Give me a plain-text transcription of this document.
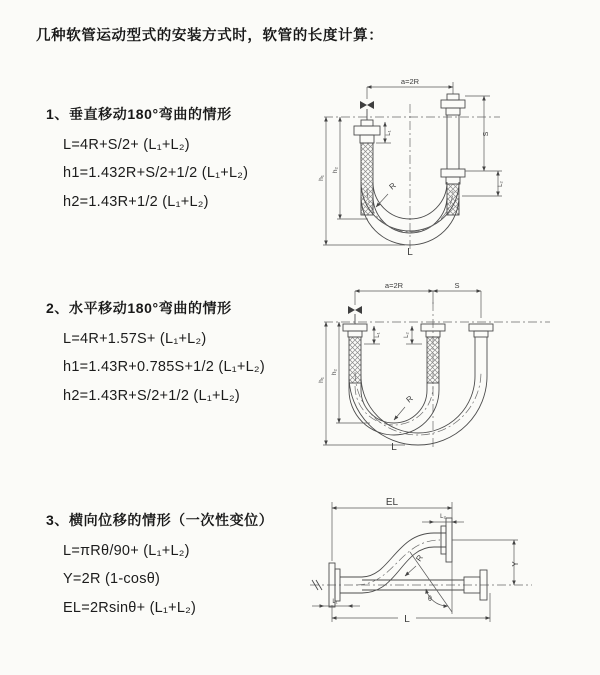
几种软管运动型式的安装方式时，软管的长度计算：
1、垂直移动180°弯曲的情形
L=4R+S/2+ (L₁+L₂)
h1=1.432R+S/2+1/2 (L₁+L₂)
h2=1.43R+1/2 (L₁+L₂)
2、水平移动180°弯曲的情形
L=4R+1.57S+ (L₁+L₂)
h1=1.43R+0.785S+1/2 (L₁+L₂)
h2=1.43R+S/2+1/2 (L₁+L₂)
3、横向位移的情形（一次性变位）
L=πRθ/90+ (L₁+L₂)
Y=2R (1-cosθ)
EL=2Rsinθ+ (L₁+L₂)
a=2R
S
L₂
h₁
h₂
L₁
R
L
a=2R	S
h₁
h₂
L₁	L₂
R
L
EL
L₂
Y
θ
R
L₁
L
